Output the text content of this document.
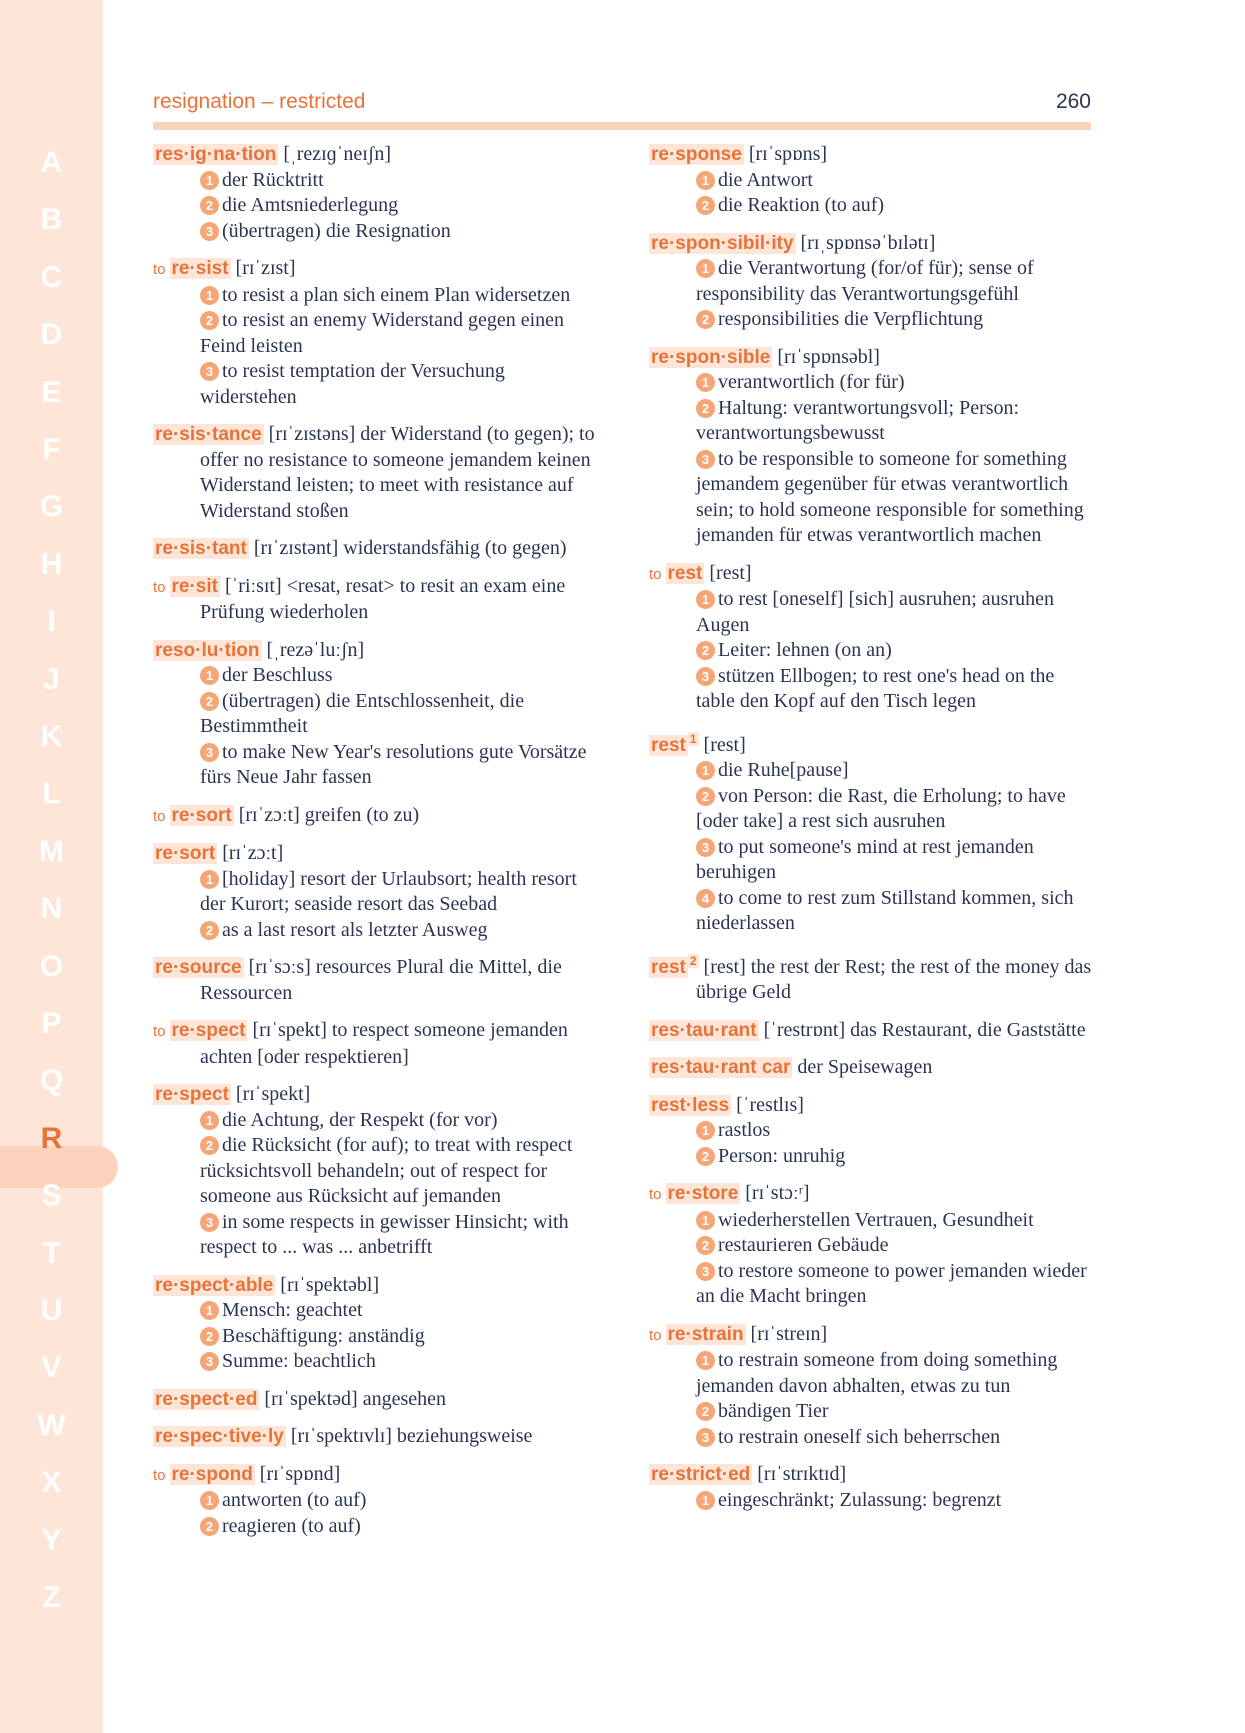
A
B
C
D
E
F
G
H
I
J
K
L
M
N
O
P
Q
R
S
T
U
V
W
X
Y
Z
resignation – restricted	260
res·ig·na·tion [ˌrezɪɡˈneɪʃn]
1 der Rücktritt
2 die Amtsniederlegung
3 (übertragen) die Resignation
to re·sist [rɪˈzɪst]
1 to resist a plan sich einem Plan widersetzen
2 to resist an enemy Widerstand gegen einen Feind leisten
3 to resist temptation der Versuchung widerstehen
re·sis·tance [rɪˈzɪstəns] der Widerstand (to gegen); to offer no resistance to someone jemandem keinen Widerstand leisten; to meet with resistance auf Widerstand stoßen
re·sis·tant [rɪˈzɪstənt] widerstandsfähig (to gegen)
to re·sit [ˈriːsɪt] <resat, resat> to resit an exam eine Prüfung wiederholen
reso·lu·tion [ˌrezəˈluːʃn]
1 der Beschluss
2 (übertragen) die Entschlossenheit, die Bestimmtheit
3 to make New Year's resolutions gute Vorsätze fürs Neue Jahr fassen
to re·sort [rɪˈzɔːt] greifen (to zu)
re·sort [rɪˈzɔːt]
1 [holiday] resort der Urlaubsort; health resort der Kurort; seaside resort das Seebad
2 as a last resort als letzter Ausweg
re·source [rɪˈsɔːs] resources Plural die Mittel, die Ressourcen
to re·spect [rɪˈspekt] to respect someone jemanden achten [oder respektieren]
re·spect [rɪˈspekt]
1 die Achtung, der Respekt (for vor)
2 die Rücksicht (for auf); to treat with respect rücksichtsvoll behandeln; out of respect for someone aus Rücksicht auf jemanden
3 in some respects in gewisser Hinsicht; with respect to ... was ... anbetrifft
re·spect·able [rɪˈspektəbl]
1 Mensch: geachtet
2 Beschäftigung: anständig
3 Summe: beachtlich
re·spect·ed [rɪˈspektəd] angesehen
re·spec·tive·ly [rɪˈspektɪvlɪ] beziehungsweise
to re·spond [rɪˈspɒnd]
1 antworten (to auf)
2 reagieren (to auf)
re·sponse [rɪˈspɒns]
1 die Antwort
2 die Reaktion (to auf)
re·spon·sibil·ity [rɪˌspɒnsəˈbɪlətɪ]
1 die Verantwortung (for/of für); sense of responsibility das Verantwortungsgefühl
2 responsibilities die Verpflichtung
re·spon·sible [rɪˈspɒnsəbl]
1 verantwortlich (for für)
2 Haltung: verantwortungsvoll; Person: verantwortungsbewusst
3 to be responsible to someone for something jemandem gegenüber für etwas verantwortlich sein; to hold someone responsible for something jemanden für etwas verantwortlich machen
to rest [rest]
1 to rest [oneself] [sich] ausruhen; ausruhen Augen
2 Leiter: lehnen (on an)
3 stützen Ellbogen; to rest one's head on the table den Kopf auf den Tisch legen
rest $^1$ [rest]
1 die Ruhe[pause]
2 von Person: die Rast, die Erholung; to have [oder take] a rest sich ausruhen
3 to put someone's mind at rest jemanden beruhigen
4 to come to rest zum Stillstand kommen, sich niederlassen
rest $^2$ [rest] the rest der Rest; the rest of the money das übrige Geld
res·tau·rant [ˈrestrɒnt] das Restaurant, die Gaststätte
res·tau·rant car der Speisewagen
rest·less [ˈrestlɪs]
1 rastlos
2 Person: unruhig
to re·store [rɪˈstɔːʳ]
1 wiederherstellen Vertrauen, Gesundheit
2 restaurieren Gebäude
3 to restore someone to power jemanden wieder an die Macht bringen
to re·strain [rɪˈstreɪn]
1 to restrain someone from doing something jemanden davon abhalten, etwas zu tun
2 bändigen Tier
3 to restrain oneself sich beherrschen
re·strict·ed [rɪˈstrɪktɪd]
1 eingeschränkt; Zulassung: begrenzt
